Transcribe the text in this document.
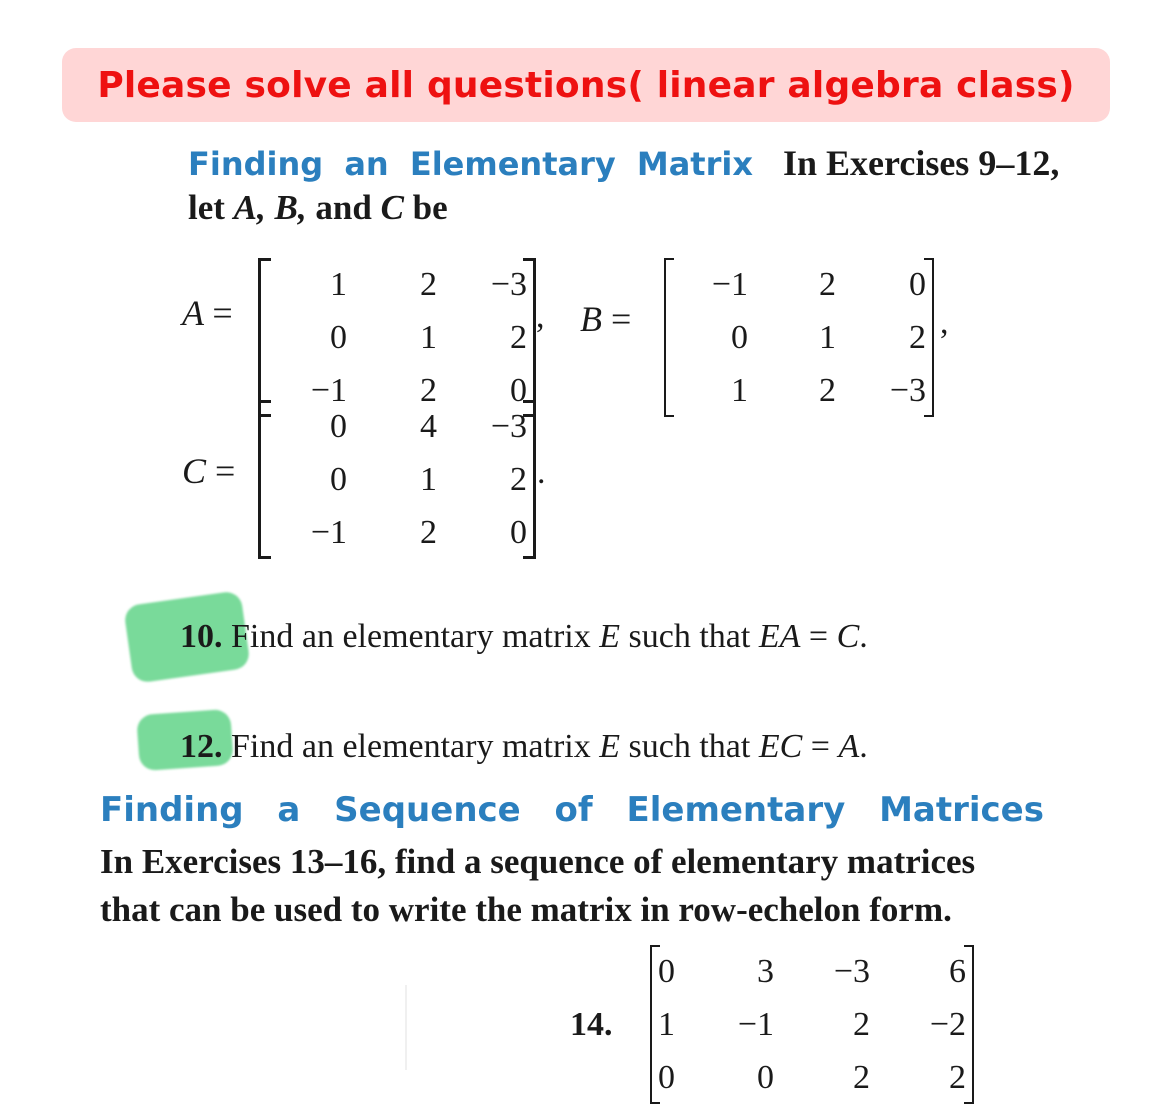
Please solve all questions( linear algebra class)
Finding an Elementary Matrix In Exercises 9–12,
let A, B, and C be
A =
1	2	−3
0	1	2
−1	2	0
, B =
−1	2	0
0	1	2
1	2	−3
,
C =
0	4	−3
0	1	2
−1	2	0
.
10. Find an elementary matrix E such that EA = C.
12. Find an elementary matrix E such that EC = A.
Finding a Sequence of Elementary Matrices
In Exercises 13–16, find a sequence of elementary matrices
that can be used to write the matrix in row-echelon form.
14.
0	3	−3	6
1	−1	2	−2
0	0	2	2
